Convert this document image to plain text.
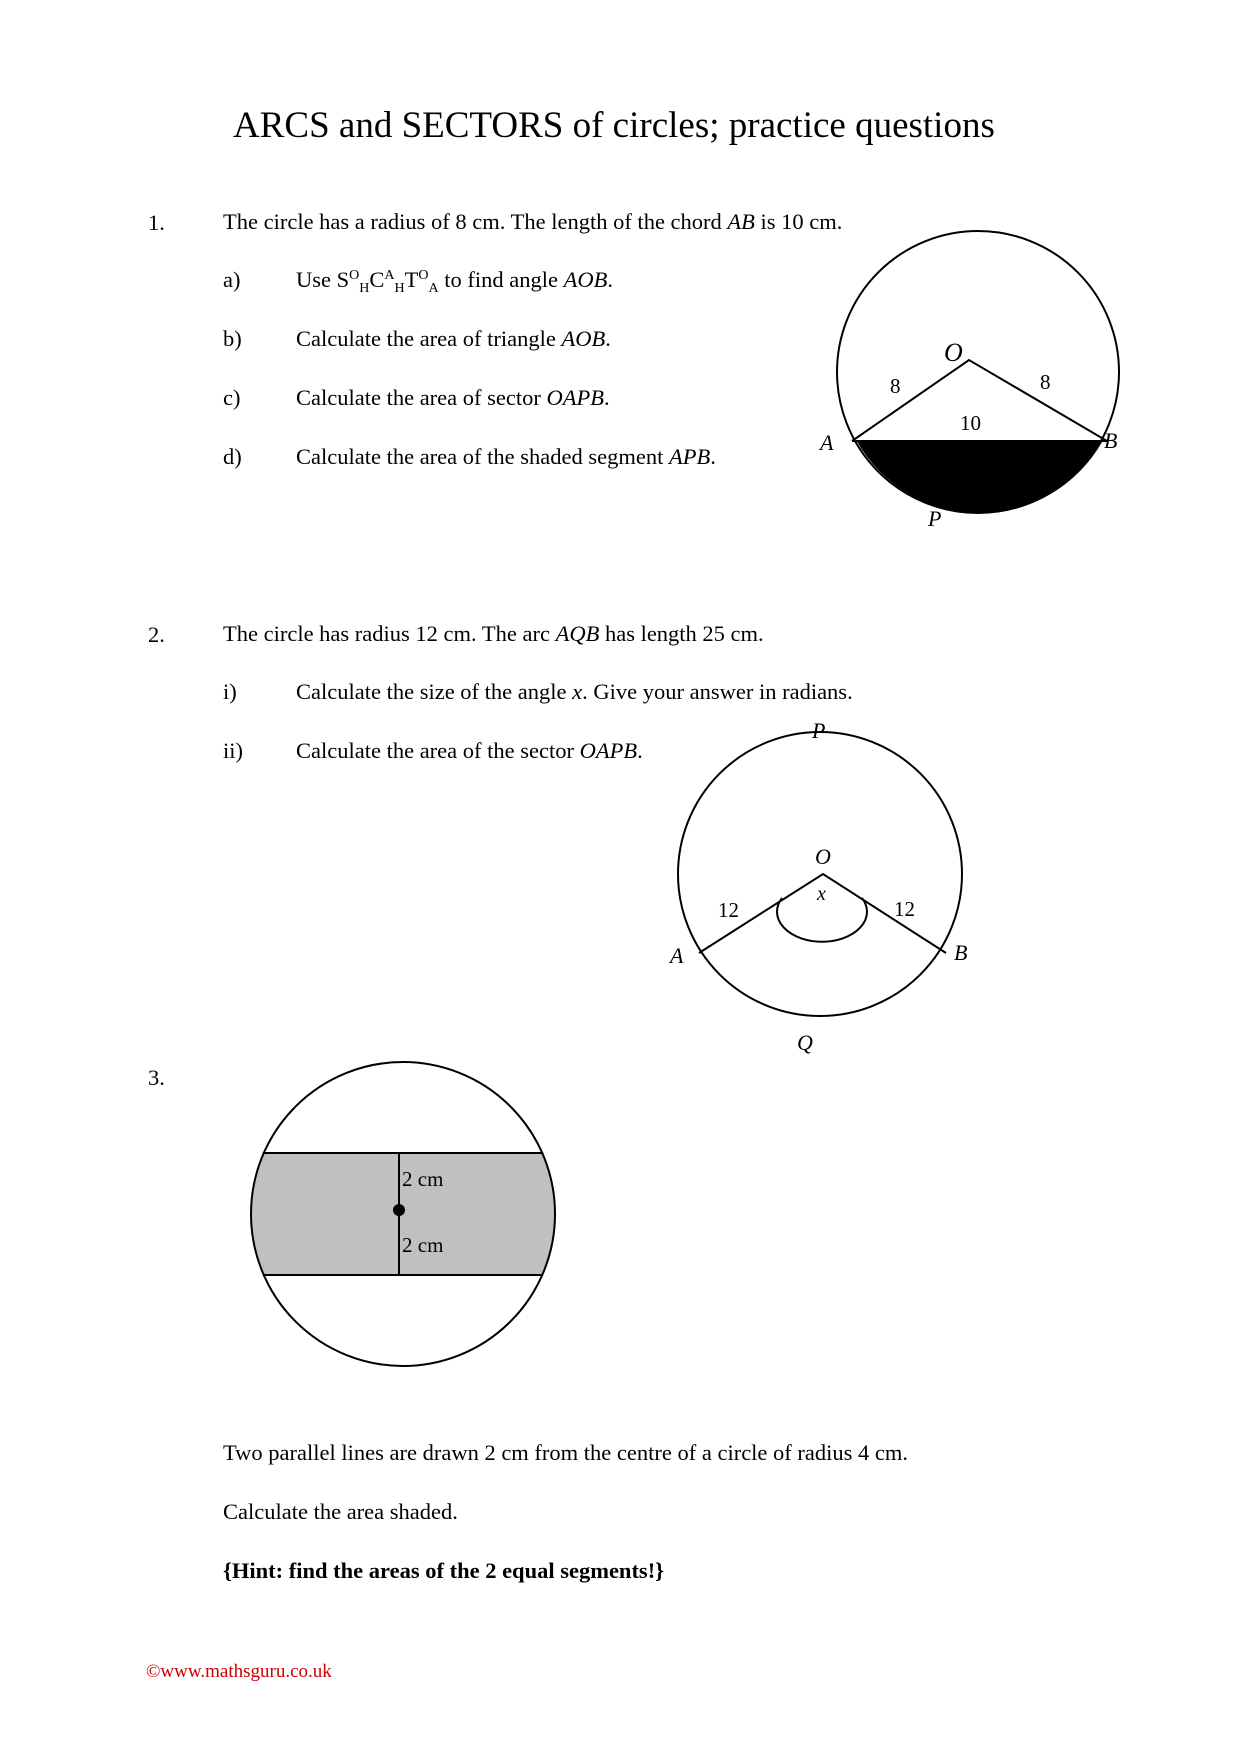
ARCS and SECTORS of circles; practice questions
1.	The circle has a radius of 8 cm. The length of the chord AB is 10 cm.
a) Use $S^O_HC^A_HT^O_A$ to find angle AOB.
b) Calculate the area of triangle AOB.
c) Calculate the area of sector OAPB.
d) Calculate the area of the shaded segment APB.
O
A	B
P
8	8
10
2.	The circle has radius 12 cm. The arc AQB has length 25 cm.
i)	Calculate the size of the angle x. Give your answer in radians.
ii) Calculate the area of the sector OAPB.
P
O
x
A	B
Q
12	12
3.
2 cm
2 cm
Two parallel lines are drawn 2 cm from the centre of a circle of radius 4 cm.
Calculate the area shaded.
{Hint: find the areas of the 2 equal segments!}
©www.mathsguru.co.uk
